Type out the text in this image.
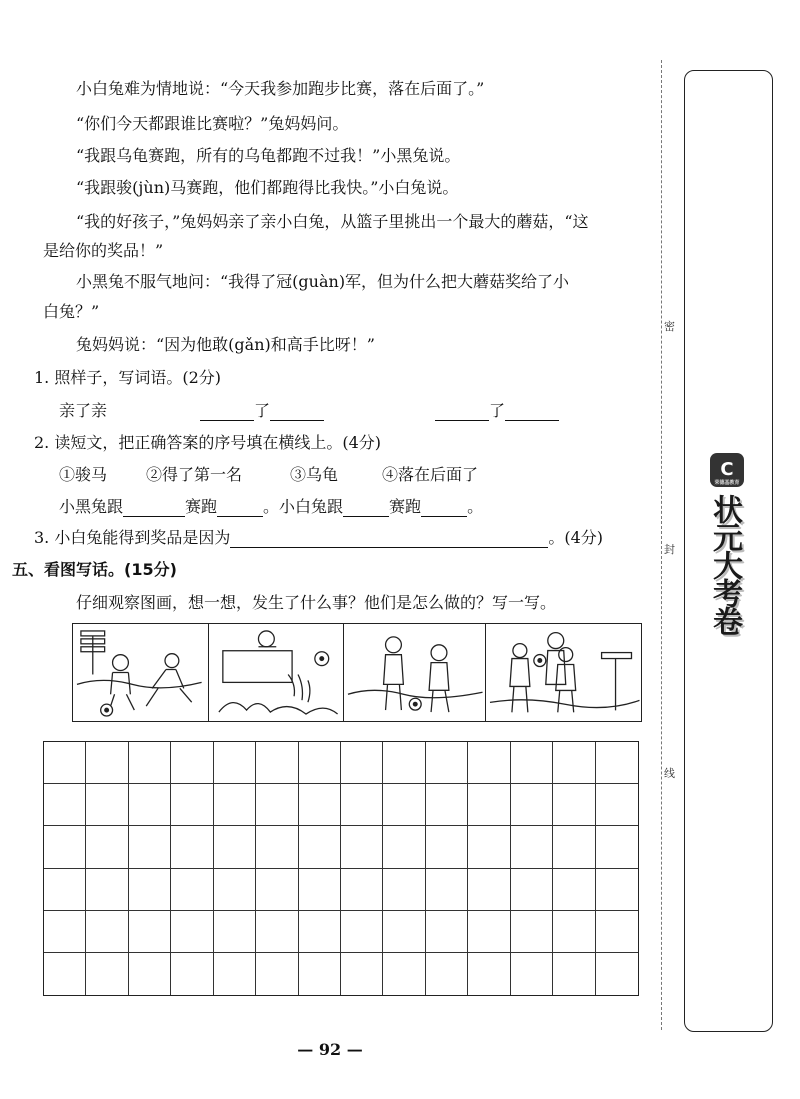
小白兔难为情地说：“今天我参加跑步比赛，落在后面了。”
“你们今天都跟谁比赛啦？”兔妈妈问。
“我跟乌龟赛跑，所有的乌龟都跑不过我！”小黑兔说。
“我跟骏(jùn)马赛跑，他们都跑得比我快。”小白兔说。
“我的好孩子，”兔妈妈亲了亲小白兔，从篮子里挑出一个最大的蘑菇，“这
是给你的奖品！”
小黑兔不服气地问：“我得了冠(guàn)军，但为什么把大蘑菇奖给了小
白兔？”
兔妈妈说：“因为他敢(gǎn)和高手比呀！”
1. 照样子，写词语。(2分)
亲了亲	了	了
2. 读短文，把正确答案的序号填在横线上。(4分)
①骏马 ②得了第一名	③乌龟	④落在后面了
小黑兔跟	赛跑	。小白兔跟	赛跑	。
3. 小白兔能得到奖品是因为	。(4分)
五、看图写话。(15分)
仔细观察图画，想一想，发生了什么事？他们是怎么做的？写一写。
密
封
线
C
荣德基教育
状元大考卷
— 92 —
